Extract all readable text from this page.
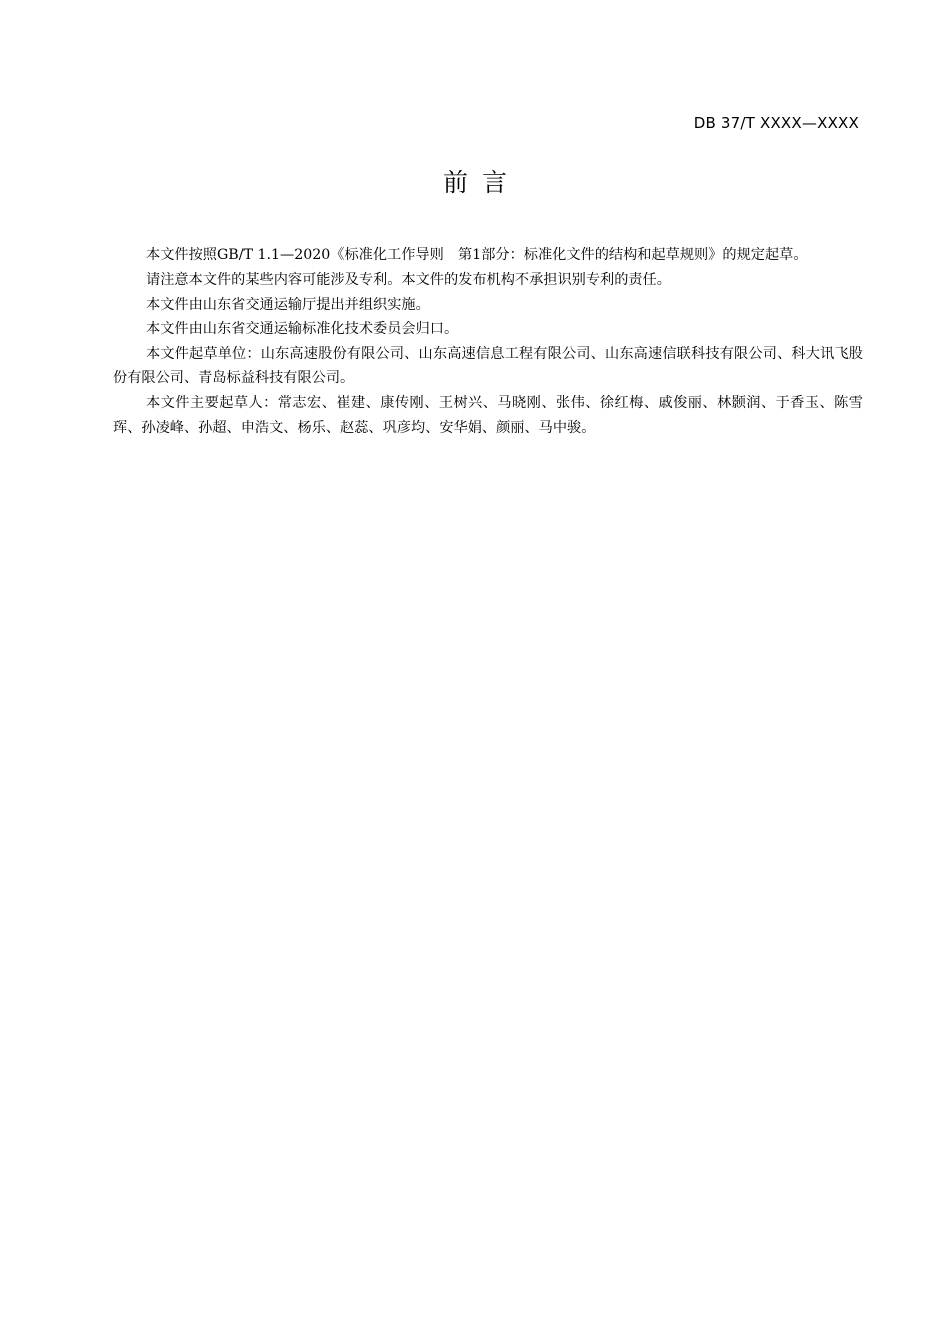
DB 37/T XXXX—XXXX
前言

本文件按照GB/T 1.1—2020《标准化工作导则　第1部分：标准化文件的结构和起草规则》的规定起草。

请注意本文件的某些内容可能涉及专利。本文件的发布机构不承担识别专利的责任。

本文件由山东省交通运输厅提出并组织实施。

本文件由山东省交通运输标准化技术委员会归口。

本文件起草单位：山东高速股份有限公司、山东高速信息工程有限公司、山东高速信联科技有限公司、科大讯飞股份有限公司、青岛标益科技有限公司。

本文件主要起草人：常志宏、崔建、康传刚、王树兴、马晓刚、张伟、徐红梅、戚俊丽、林颢润、于香玉、陈雪珲、孙凌峰、孙超、申浩文、杨乐、赵蕊、巩彦均、安华娟、颜丽、马中骏。
